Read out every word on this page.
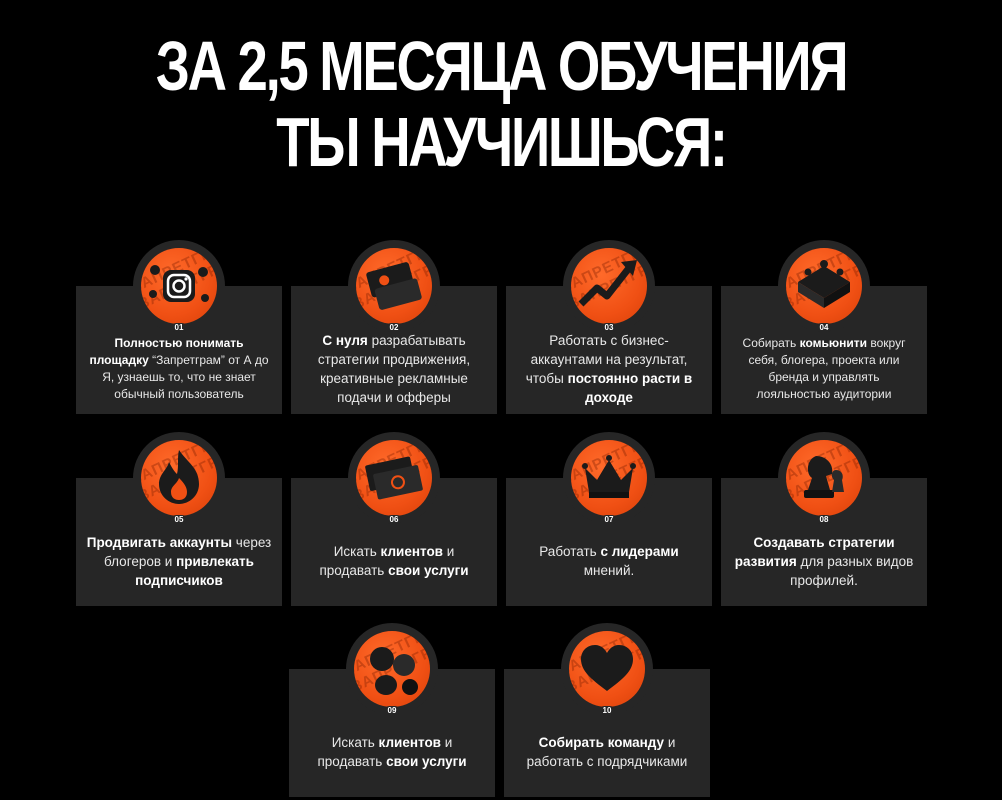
ЗА 2,5 МЕСЯЦА ОБУЧЕНИЯ
ТЫ НАУЧИШЬСЯ:
Полностью понимать площадку “Запретграм” от А до Я, узнаешь то, что не знает обычный пользователь
ЗАПРЕТГРАМ ЗАПРЕТГРАМ
01
С нуля разрабатывать стратегии продвижения, креативные рекламные подачи и офферы
ЗАПРЕТГРАМ ЗАПРЕТГРАМ
02
Работать с бизнес-аккаунтами на результат, чтобы постоянно расти в доходе
ЗАПРЕТГРАМ ЗАПРЕТГРАМ
03
Собирать комьюнити вокруг себя, блогера, проекта или бренда и управлять лояльностью аудитории
ЗАПРЕТГРАМ ЗАПРЕТГРАМ
04
Продвигать аккаунты через блогеров и привлекать подписчиков
ЗАПРЕТГРАМ ЗАПРЕТГРАМ
05
Искать клиентов и продавать свои услуги
ЗАПРЕТГРАМ ЗАПРЕТГРАМ
06
Работать с лидерами мнений.
ЗАПРЕТГРАМ ЗАПРЕТГРАМ
07
Создавать стратегии развития для разных видов профилей.
ЗАПРЕТГРАМ ЗАПРЕТГРАМ
08
Искать клиентов и продавать свои услуги
ЗАПРЕТГРАМ ЗАПРЕТГРАМ
09
Собирать команду и работать с подрядчиками
ЗАПРЕТГРАМ ЗАПРЕТГРАМ
10
